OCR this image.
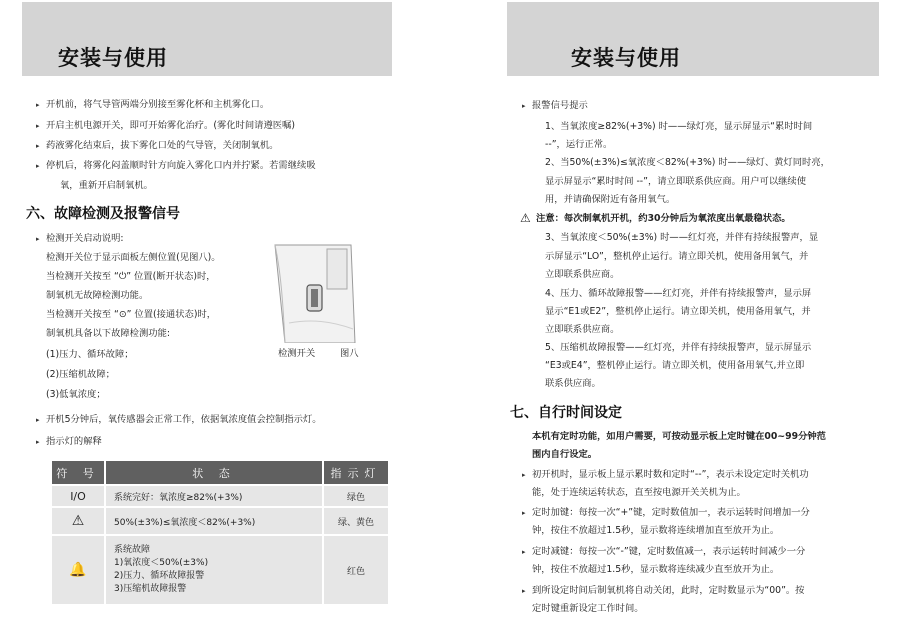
安装与使用
▸ 开机前，将气导管两端分别接至雾化杯和主机雾化口。
▸ 开启主机电源开关，即可开始雾化治疗。(雾化时间请遵医嘱)
▸ 药液雾化结束后，拔下雾化口处的气导管，关闭制氧机。
▸ 停机后，将雾化闷盖顺时针方向旋入雾化口内并拧紧。若需继续吸
氧，重新开启制氧机。
六、故障检测及报警信号
▸ 检测开关启动说明:
检测开关位于显示面板左侧位置(见图八)。
当检测开关按至 “⏻” 位置(断开状态)时，
制氧机无故障检测功能。
当检测开关按至 “⊙” 位置(接通状态)时，
制氧机具备以下故障检测功能:
(1)压力、循环故障；
(2)压缩机故障；
(3)低氧浓度；
检测开关	图八
▸ 开机5分钟后，氧传感器会正常工作，依据氧浓度值会控制指示灯。
▸ 指示灯的解释
符 号	状 态	指示灯
I/O	系统完好：氧浓度≥82%(+3%)	绿色
⚠	50%(±3%)≤氧浓度＜82%(+3%)	绿、黄色
🔔	系统故障
1)氧浓度＜50%(±3%)
2)压力、循环故障报警
3)压缩机故障报警	红色
安装与使用
▸ 报警信号提示
1、当氧浓度≥82%(+3%) 时——绿灯亮，显示屏显示“累时时间
--”，运行正常。
2、当50%(±3%)≤氧浓度＜82%(+3%) 时——绿灯、黄灯同时亮，
显示屏显示“累时时间 --”，请立即联系供应商。用户可以继续使
用，并请确保附近有备用氧气。
⚠ 注意：每次制氧机开机，约30分钟后为氧浓度出氧最稳状态。
3、当氧浓度＜50%(±3%) 时——红灯亮，并伴有持续报警声，显
示屏显示“LO”，整机停止运行。请立即关机，使用备用氧气，并
立即联系供应商。
4、压力、循环故障报警——红灯亮，并伴有持续报警声，显示屏
显示“E1或E2”，整机停止运行。请立即关机，使用备用氧气，并
立即联系供应商。
5、压缩机故障报警——红灯亮，并伴有持续报警声，显示屏显示
“E3或E4”，整机停止运行。请立即关机，使用备用氧气,并立即
联系供应商。
七、自行时间设定
本机有定时功能，如用户需要，可按动显示板上定时键在00~99分钟范
围内自行设定。
▸ 初开机时，显示板上显示累时数和定时“--”，表示未设定定时关机功
能，处于连续运转状态，直至按电源开关关机为止。
▸ 定时加键：每按一次“+”键，定时数值加一，表示运转时间增加一分
钟，按住不放超过1.5秒，显示数将连续增加直至放开为止。
▸ 定时减键：每按一次“-”键，定时数值减一，表示运转时间减少一分
钟，按住不放超过1.5秒，显示数将连续减少直至放开为止。
▸ 到所设定时间后制氧机将自动关闭，此时，定时数显示为“00”。按
定时键重新设定工作时间。
